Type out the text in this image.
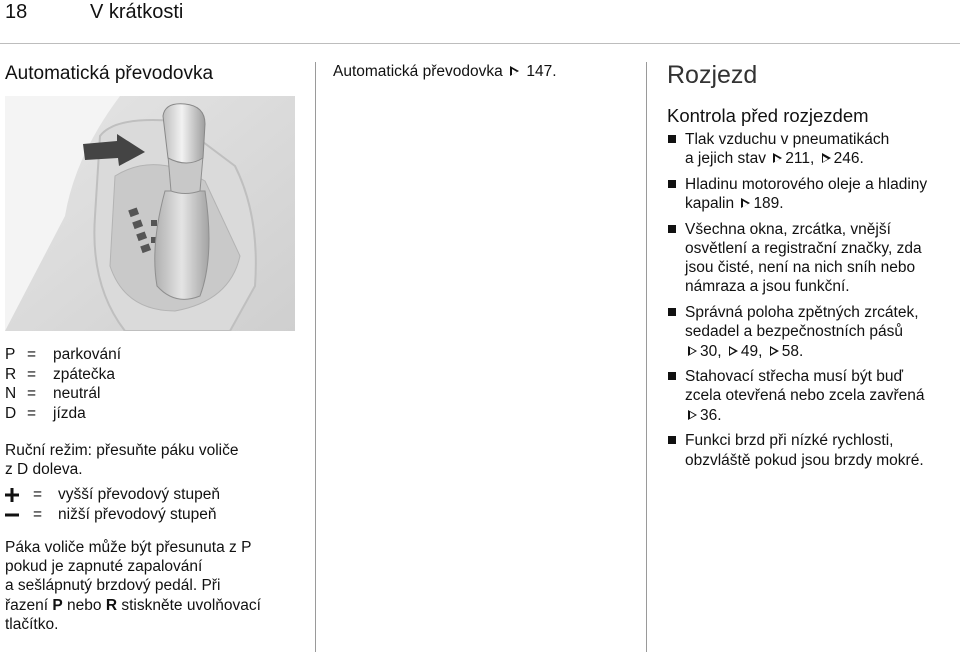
18	V krátkosti
Automatická převodovka
P =	parkování
R =	zpátečka
N =	neutrál
D =	jízda
Ruční režim: přesuňte páku voliče
z D doleva.
=	vyšší převodový stupeň
=	nižší převodový stupeň
Páka voliče může být přesunuta z P
pokud je zapnuté zapalování
a sešlápnutý brzdový pedál. Při
řazení P nebo R stiskněte uvolňovací
tlačítko.
Automatická převodovka 147.	Rozjezd
Kontrola před rozjezdem
Tlak vzduchu v pneumatikách
a jejich stav 211, 246.
Hladinu motorového oleje a hladiny
kapalin 189.
Všechna okna, zrcátka, vnější
osvětlení a registrační značky, zda
jsou čisté, není na nich sníh nebo
námraza a jsou funkční.
Správná poloha zpětných zrcátek,
sedadel a bezpečnostních pásů
30, 49, 58.
Stahovací střecha musí být buď
zcela otevřená nebo zcela zavřená
36.
Funkci brzd při nízké rychlosti,
obzvláště pokud jsou brzdy mokré.
